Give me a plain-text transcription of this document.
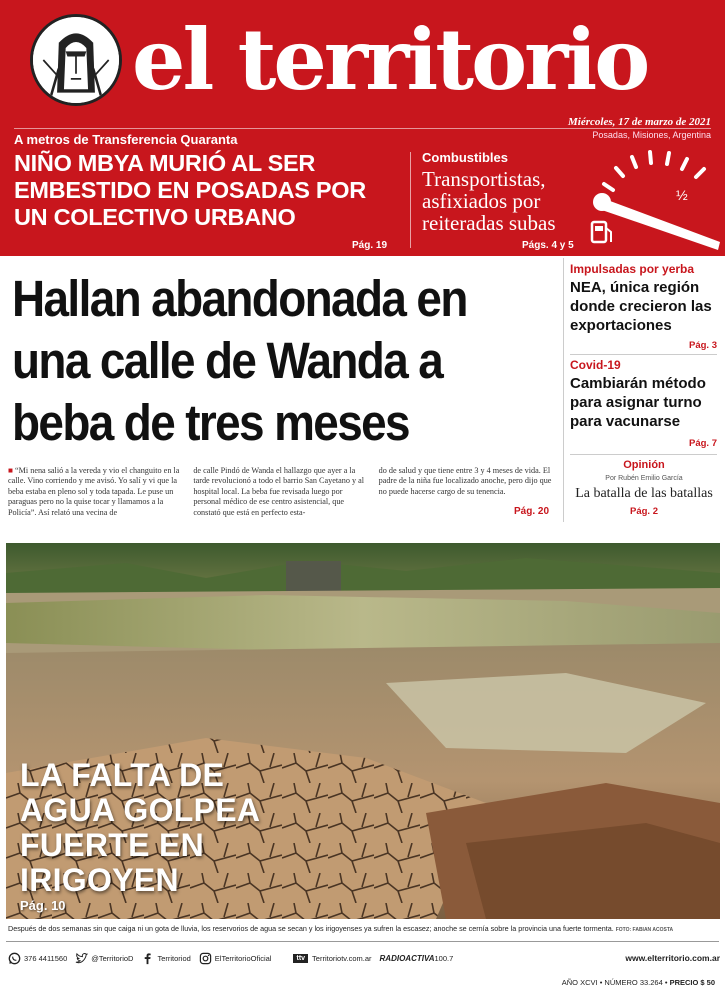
el territorio
Miércoles, 17 de marzo de 2021
Posadas, Misiones, Argentina
A metros de Transferencia Quaranta
NIÑO MBYA MURIÓ AL SER EMBESTIDO EN POSADAS POR UN COLECTIVO URBANO
Pág. 19
Combustibles
Transportistas, asfixiados por reiteradas subas
Págs. 4 y 5
½
Hallan abandonada en una calle de Wanda a beba de tres meses

■ “Mi nena salió a la vereda y vio el changuito en la calle. Vino corriendo y me avisó. Yo salí y vi que la beba estaba en pleno sol y toda tapada. Le puse un paraguas pero no la quise tocar y llamamos a la Policía”. Así relató una vecina de

de calle Pindó de Wanda el hallazgo que ayer a la tarde revolucionó a todo el barrio San Cayetano y al hospital local. La beba fue revisada luego por personal médico de ese centro asistencial, que constató que está en perfecto esta-

do de salud y que tiene entre 3 y 4 meses de vida. El padre de la niña fue localizado anoche, pero dijo que no puede hacerse cargo de su tenencia.

Pág. 20
Impulsadas por yerba
NEA, única región donde crecieron las exportaciones
Pág. 3
Covid-19
Cambiarán método para asignar turno para vacunarse
Pág. 7
Opinión
Por Rubén Emilio García
La batalla de las batallas
Pág. 2
LA FALTA DE AGUA GOLPEA FUERTE EN IRIGOYEN
Pág. 10
Después de dos semanas sin que caiga ni un gota de lluvia, los reservorios de agua se secan y los irigoyenses ya sufren la escasez; anoche se cernía sobre la provincia una fuerte tormenta. FOTO: FABIAN ACOSTA
376 4411560	@TerritorioD	Territoriod	ElTerritorioOficial	ttv Territoriotv.com.ar RADIOACTIVA 100.7	www.elterritorio.com.ar
AÑO XCVI • NÚMERO 33.264 • PRECIO $ 50
